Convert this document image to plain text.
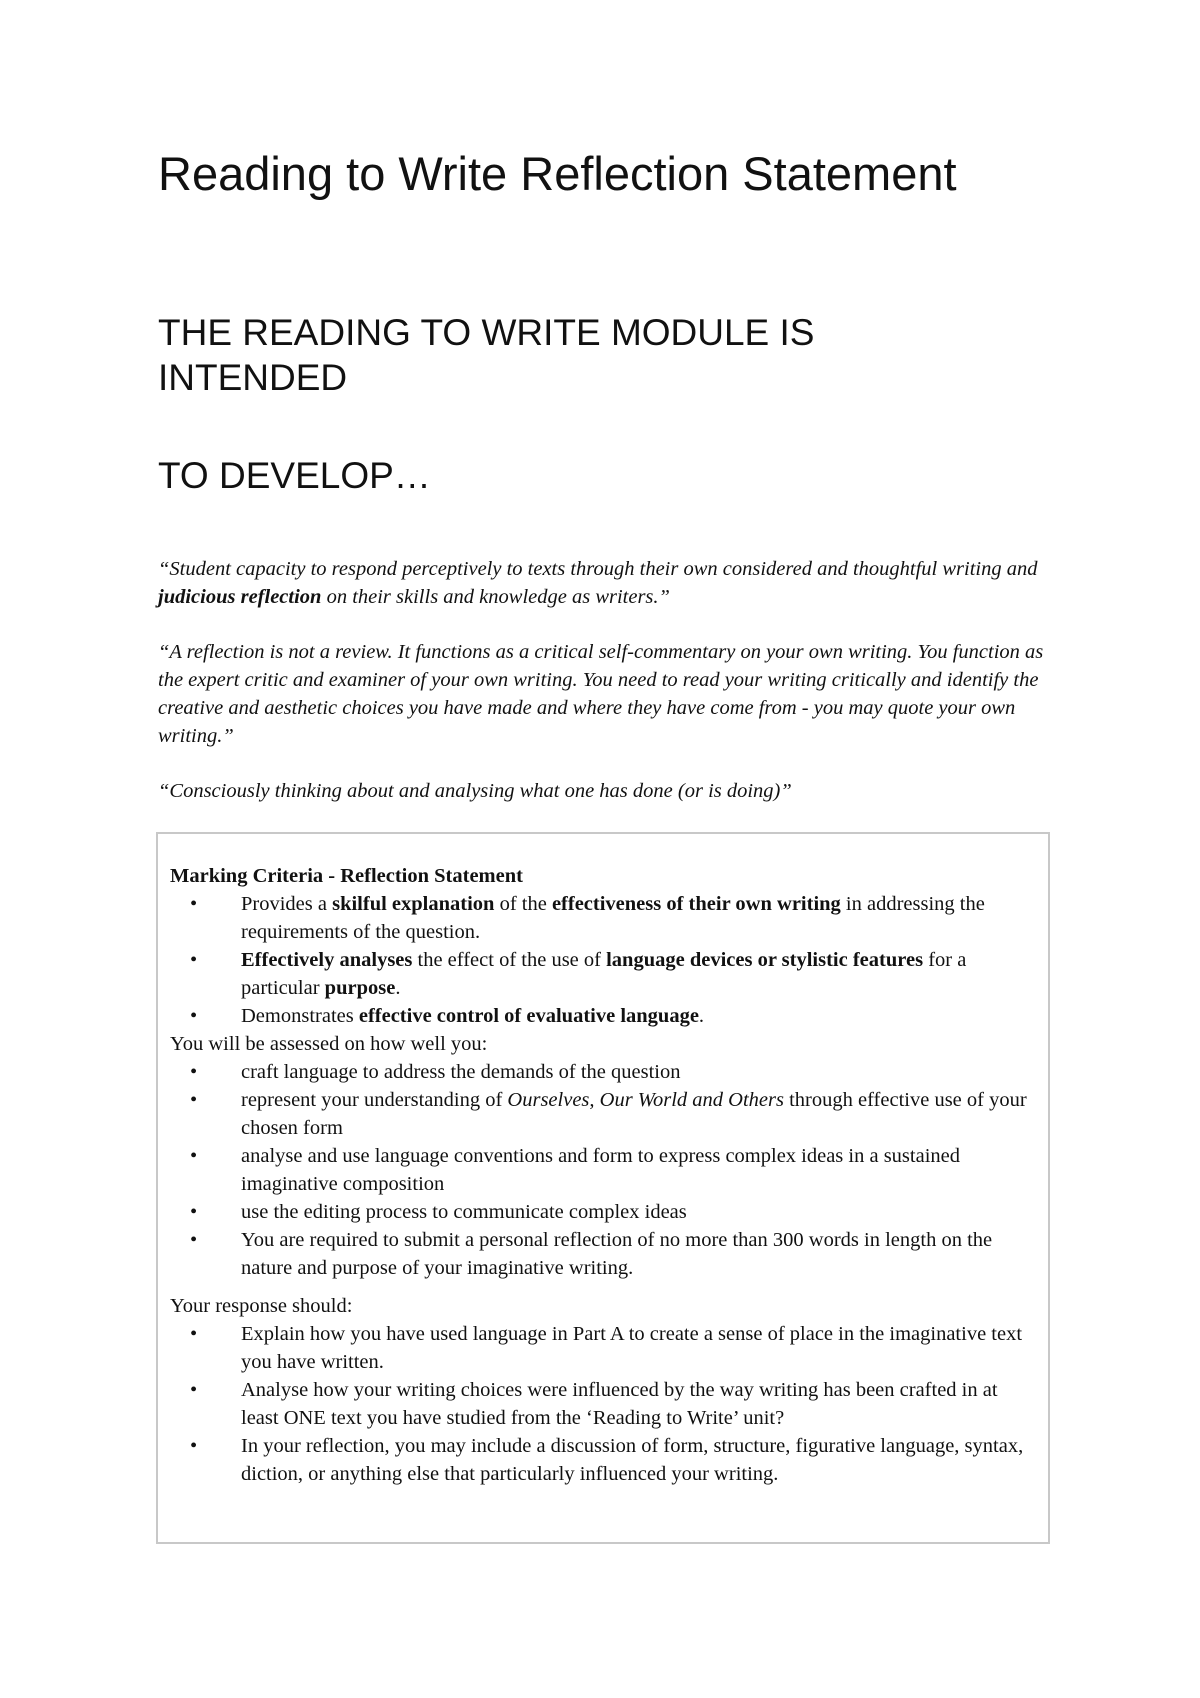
Reading to Write Reflection Statement
THE READING TO WRITE MODULE IS INTENDED
TO DEVELOP…

“Student capacity to respond perceptively to texts through their own considered and thoughtful writing and judicious reflection on their skills and knowledge as writers.”

“A reflection is not a review. It functions as a critical self-commentary on your own writing. You function as the expert critic and examiner of your own writing. You need to read your writing critically and identify the creative and aesthetic choices you have made and where they have come from - you may quote your own writing.”

“Consciously thinking about and analysing what one has done (or is doing)”

Marking Criteria - Reflection Statement

• Provides a skilful explanation of the effectiveness of their own writing in addressing the requirements of the question.
• Effectively analyses the effect of the use of language devices or stylistic features for a particular purpose.
• Demonstrates effective control of evaluative language.

You will be assessed on how well you:

• craft language to address the demands of the question
• represent your understanding of Ourselves, Our World and Others through effective use of your chosen form
• analyse and use language conventions and form to express complex ideas in a sustained imaginative composition
• use the editing process to communicate complex ideas
• You are required to submit a personal reflection of no more than 300 words in length on the nature and purpose of your imaginative writing.

Your response should:

• Explain how you have used language in Part A to create a sense of place in the imaginative text you have written.
• Analyse how your writing choices were influenced by the way writing has been crafted in at least ONE text you have studied from the ‘Reading to Write’ unit?
• In your reflection, you may include a discussion of form, structure, figurative language, syntax, diction, or anything else that particularly influenced your writing.
